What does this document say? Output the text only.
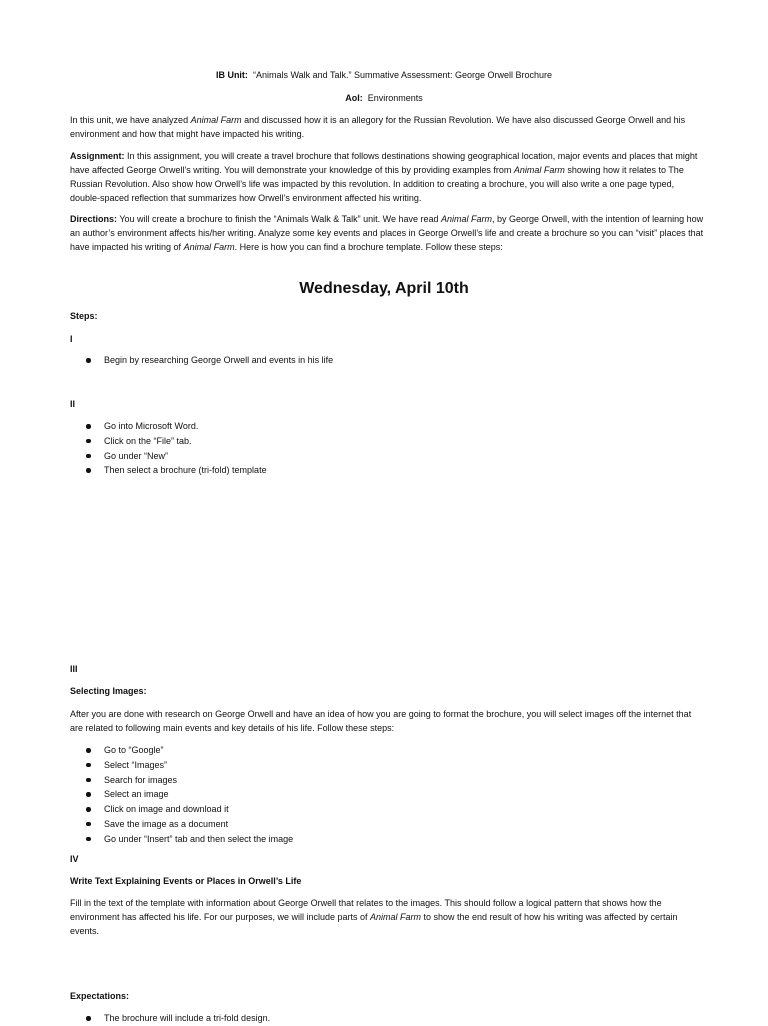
IB Unit: “Animals Walk and Talk.” Summative Assessment: George Orwell Brochure
AoI: Environments

In this unit, we have analyzed Animal Farm and discussed how it is an allegory for the Russian Revolution. We have also discussed George Orwell and his environment and how that might have impacted his writing.

Assignment: In this assignment, you will create a travel brochure that follows destinations showing geographical location, major events and places that might have affected George Orwell’s writing. You will demonstrate your knowledge of this by providing examples from Animal Farm showing how it relates to The Russian Revolution. Also show how Orwell’s life was impacted by this revolution. In addition to creating a brochure, you will also write a one page typed, double-spaced reflection that summarizes how Orwell’s environment affected his writing.

Directions: You will create a brochure to finish the “Animals Walk & Talk” unit. We have read Animal Farm, by George Orwell, with the intention of learning how an author’s environment affects his/her writing. Analyze some key events and places in George Orwell’s life and create a brochure so you can “visit” places that have impacted his writing of Animal Farm. Here is how you can find a brochure template. Follow these steps:

Wednesday, April 10th
Steps:
I
Begin by researching George Orwell and events in his life
II
Go into Microsoft Word.
Click on the “File” tab.
Go under “New”
Then select a brochure (tri-fold) template
III
Selecting Images:

After you are done with research on George Orwell and have an idea of how you are going to format the brochure, you will select images off the internet that are related to following main events and key details of his life. Follow these steps:

Go to “Google”
Select “Images”
Search for images
Select an image
Click on image and download it
Save the image as a document
Go under “Insert” tab and then select the image
IV
Write Text Explaining Events or Places in Orwell’s Life

Fill in the text of the template with information about George Orwell that relates to the images. This should follow a logical pattern that shows how the environment has affected his life. For our purposes, we will include parts of Animal Farm to show the end result of how his writing was affected by certain events.

Expectations:
The brochure will include a tri-fold design.
